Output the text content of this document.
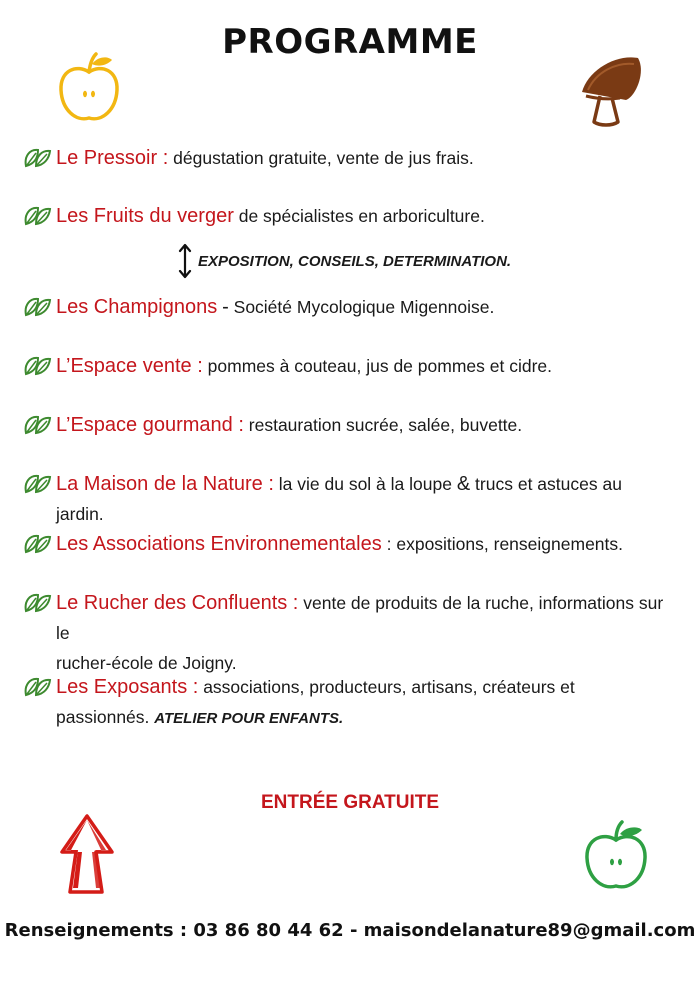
PROGRAMME
Le Pressoir : dégustation gratuite, vente de jus frais.
Les Fruits du verger de spécialistes en arboriculture.
EXPOSITION, CONSEILS, DETERMINATION.
Les Champignons - Société Mycologique Migennoise.
L’Espace vente : pommes à couteau, jus de pommes et cidre.
L’Espace gourmand : restauration sucrée, salée, buvette.
La Maison de la Nature : la vie du sol à la loupe & trucs et astuces au jardin.
Les Associations Environnementales : expositions, renseignements.
Le Rucher des Confluents : vente de produits de la ruche, informations sur le
rucher-école de Joigny.
Les Exposants : associations, producteurs, artisans, créateurs et
passionnés. ATELIER POUR ENFANTS.
ENTRÉE GRATUITE
Renseignements : 03 86 80 44 62 - maisondelanature89@gmail.com
